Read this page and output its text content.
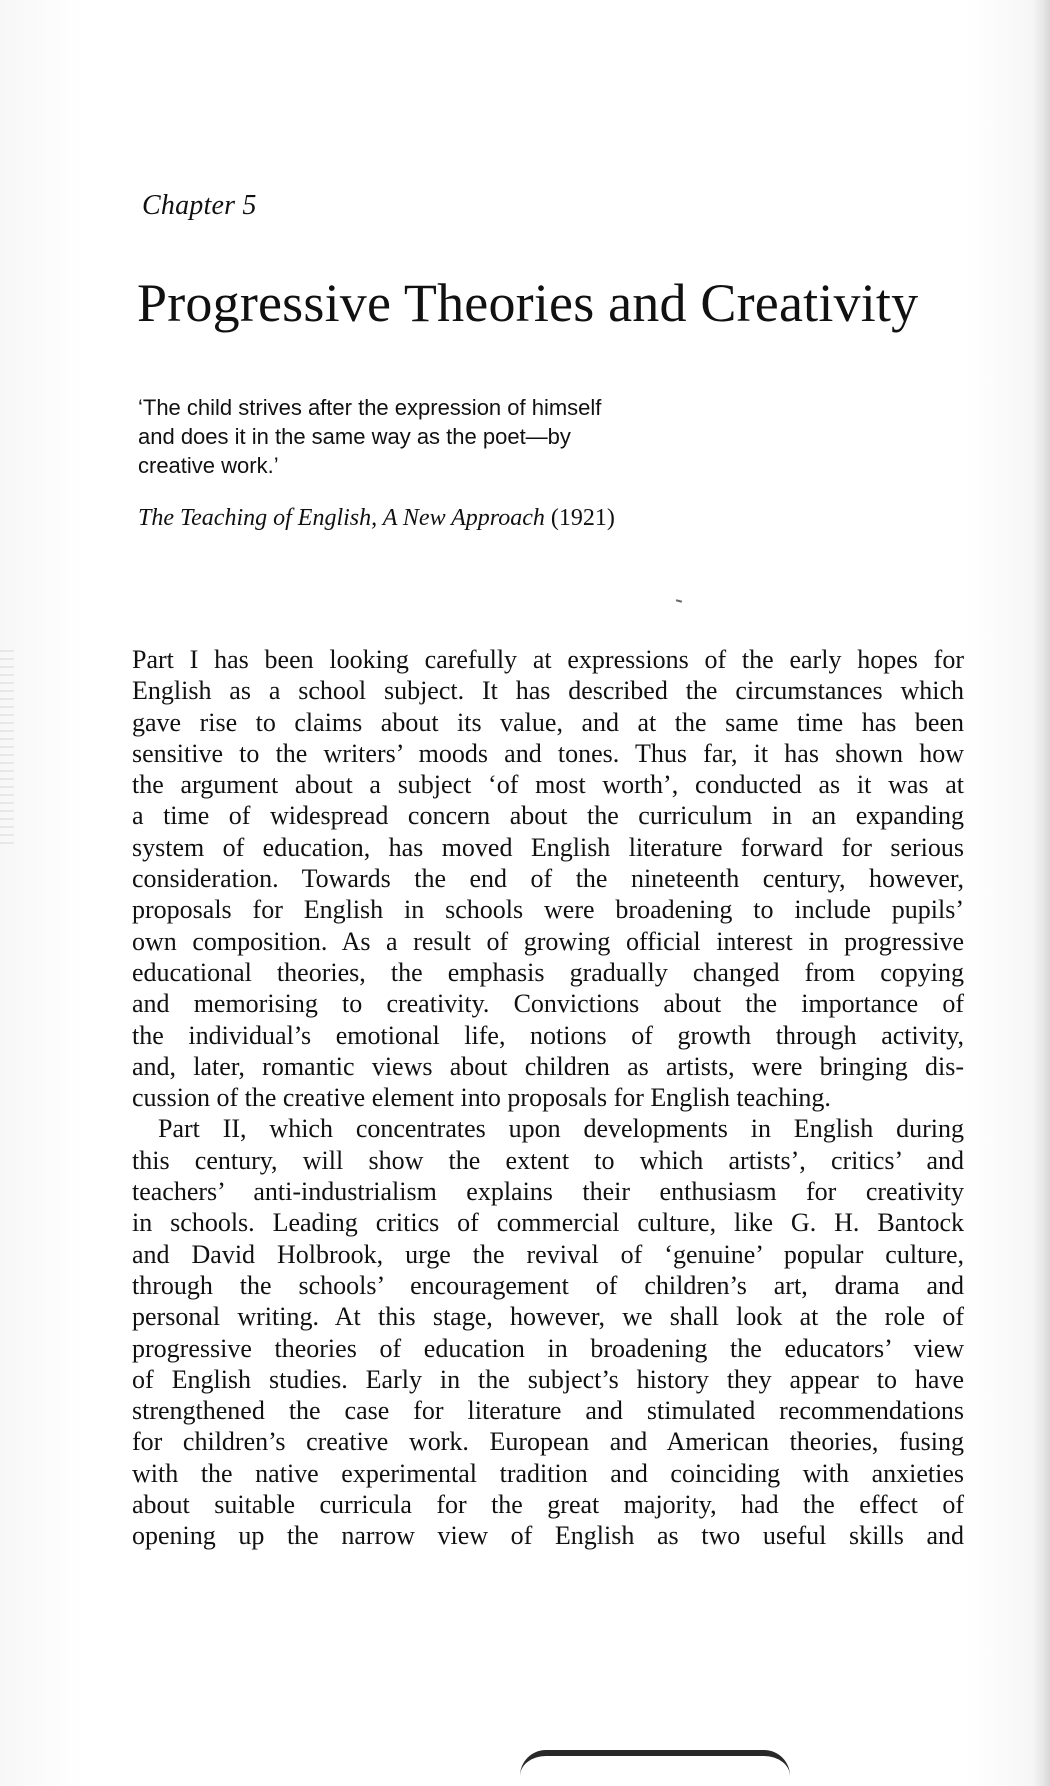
Chapter 5
Progressive Theories and Creativity
‘The child strives after the expression of himself
and does it in the same way as the poet—by
creative work.’
The Teaching of English, A New Approach (1921)
Part I has been looking carefully at expressions of the early hopes for
English as a school subject. It has described the circumstances which
gave rise to claims about its value, and at the same time has been
sensitive to the writers’ moods and tones. Thus far, it has shown how
the argument about a subject ‘of most worth’, conducted as it was at
a time of widespread concern about the curriculum in an expanding
system of education, has moved English literature forward for serious
consideration. Towards the end of the nineteenth century, however,
proposals for English in schools were broadening to include pupils’
own composition. As a result of growing official interest in progressive
educational theories, the emphasis gradually changed from copying
and memorising to creativity. Convictions about the importance of
the individual’s emotional life, notions of growth through activity,
and, later, romantic views about children as artists, were bringing dis-
cussion of the creative element into proposals for English teaching.
Part II, which concentrates upon developments in English during
this century, will show the extent to which artists’, critics’ and
teachers’ anti-industrialism explains their enthusiasm for creativity
in schools. Leading critics of commercial culture, like G. H. Bantock
and David Holbrook, urge the revival of ‘genuine’ popular culture,
through the schools’ encouragement of children’s art, drama and
personal writing. At this stage, however, we shall look at the role of
progressive theories of education in broadening the educators’ view
of English studies. Early in the subject’s history they appear to have
strengthened the case for literature and stimulated recommendations
for children’s creative work. European and American theories, fusing
with the native experimental tradition and coinciding with anxieties
about suitable curricula for the great majority, had the effect of
opening up the narrow view of English as two useful skills and
